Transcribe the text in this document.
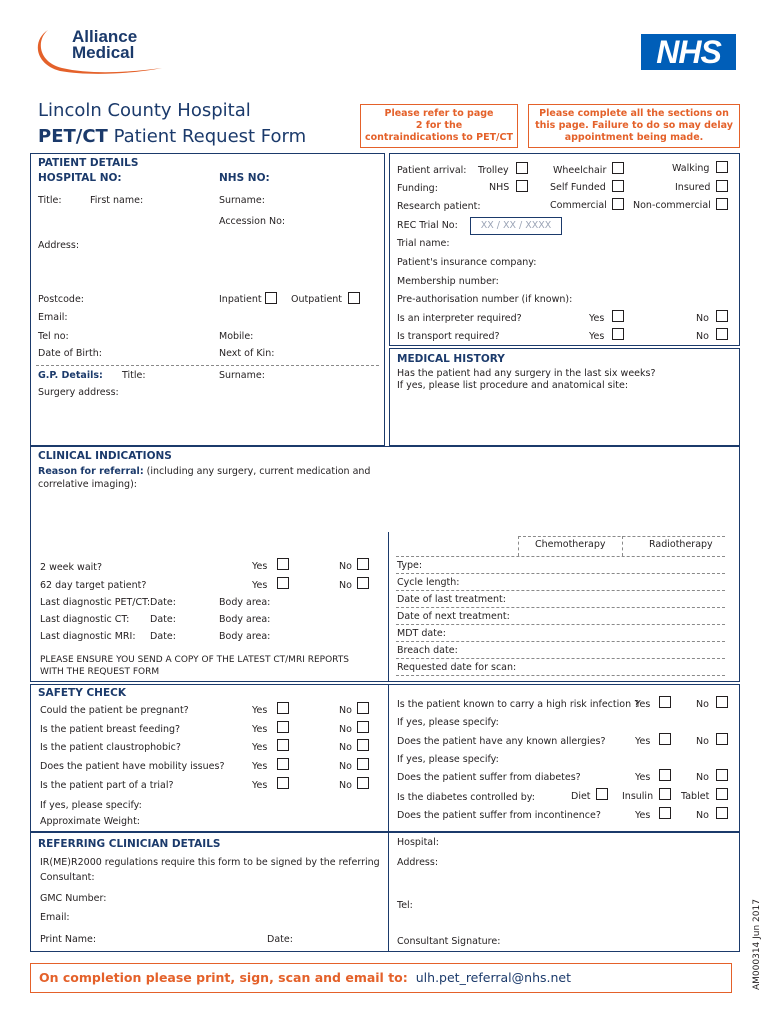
Alliance
Medical	NHS
Lincoln County Hospital
PET/CT Patient Request Form
Please refer to page
2 for the
contraindications to PET/CT
Please complete all the sections on
this page. Failure to do so may delay
appointment being made.
PATIENT DETAILS
HOSPITAL NO:	NHS NO:
Title:	First name:	Surname:
Accession No:
Address:
Postcode:	Inpatient	Outpatient
Email:
Tel no:	Mobile:
Date of Birth:	Next of Kin:
G.P. Details: Title:	Surname:
Surgery address:
Patient arrival: Trolley	Wheelchair	Walking
Funding:	NHS	Self Funded	Insured
Research patient:	Commercial	Non-commercial
REC Trial No:	XX / XX / XXXX
Trial name:
Patient's insurance company:
Membership number:
Pre-authorisation number (if known):
Is an interpreter required?	Yes	No
Is transport required?	Yes	No
MEDICAL HISTORY
Has the patient had any surgery in the last six weeks?
If yes, please list procedure and anatomical site:
CLINICAL INDICATIONS
Reason for referral: (including any surgery, current medication and
correlative imaging):
2 week wait?	Yes	No
62 day target patient?	Yes	No
Last diagnostic PET/CT: Date:	Body area:
Last diagnostic CT: Date:	Body area:
Last diagnostic MRI: Date:	Body area:
PLEASE ENSURE YOU SEND A COPY OF THE LATEST CT/MRI REPORTS
WITH THE REQUEST FORM
Chemotherapy	Radiotherapy
Type:
Cycle length:
Date of last treatment:
Date of next treatment:
MDT date:
Breach date:
Requested date for scan:
SAFETY CHECK
Could the patient be pregnant?	Yes	No
Is the patient breast feeding?	Yes	No
Is the patient claustrophobic?	Yes	No
Does the patient have mobility issues?	Yes	No
Is the patient part of a trial?	Yes	No
If yes, please specify:
Approximate Weight:
Is the patient known to carry a high risk infection ?
Yes	No
If yes, please specify:
Does the patient have any known allergies?	Yes	No
If yes, please specify:
Does the patient suffer from diabetes?	Yes	No
Is the diabetes controlled by:	Diet	Insulin	Tablet
Does the patient suffer from incontinence?	Yes	No
REFERRING CLINICIAN DETAILS
IR(ME)R2000 regulations require this form to be signed by the referring
Consultant:
GMC Number:
Email:
Print Name:	Date:
Hospital:
Address:
Tel:
Consultant Signature:
On completion please print, sign, scan and email to: ulh.pet_referral@nhs.net	AM000314 Jun 2017
